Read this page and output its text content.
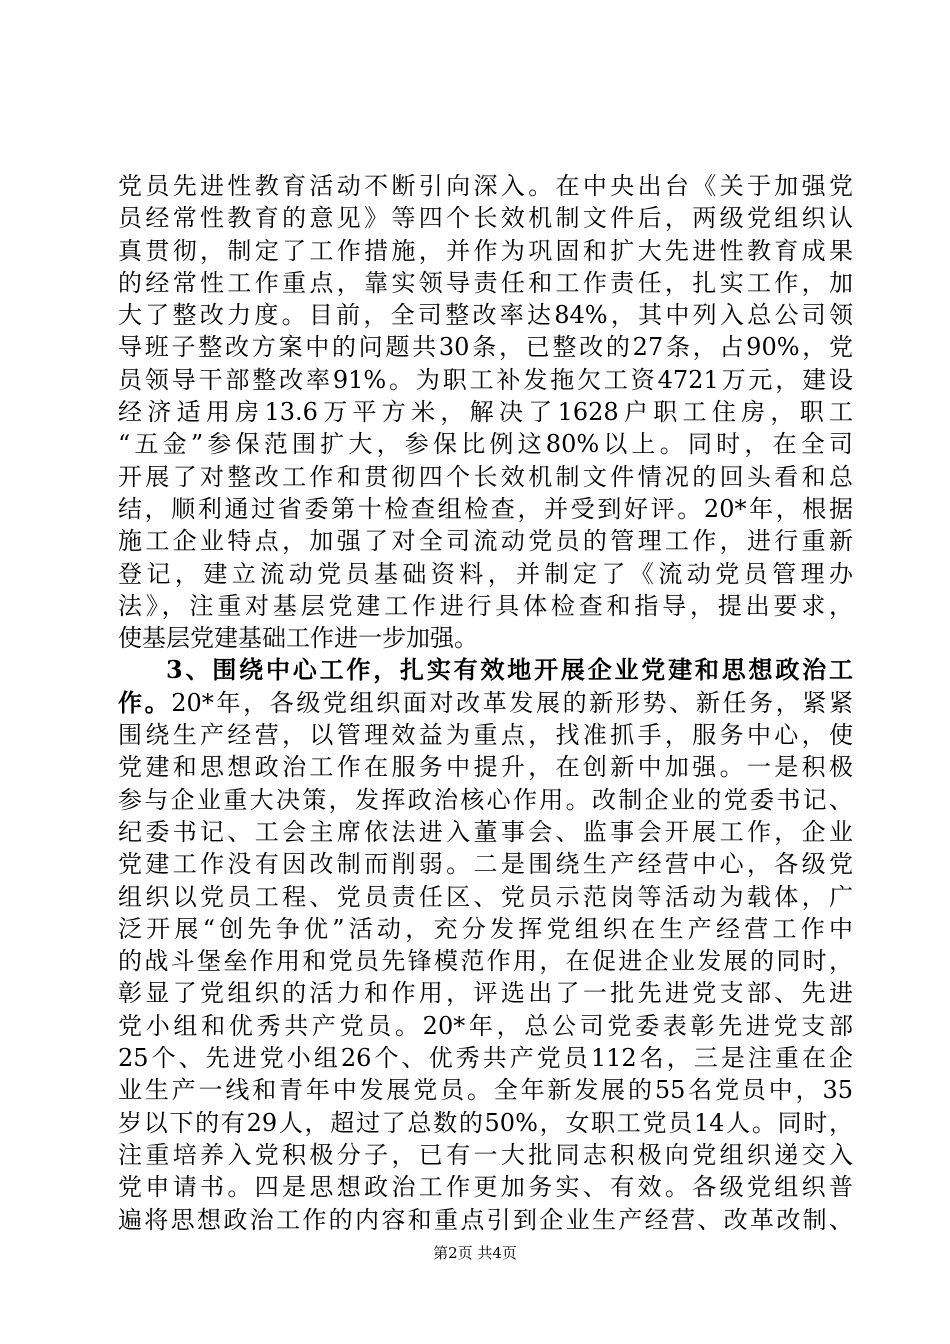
党员先进性教育活动不断引向深入。在中央出台《关于加强党
员经常性教育的意见》等四个长效机制文件后，两级党组织认
真贯彻，制定了工作措施，并作为巩固和扩大先进性教育成果
的经常性工作重点，靠实领导责任和工作责任，扎实工作，加
大了整改力度。目前，全司整改率达84%，其中列入总公司领
导班子整改方案中的问题共30条，已整改的27条，占90%，党
员领导干部整改率91%。为职工补发拖欠工资4721万元，建设
经济适用房13.6万平方米，解决了1628户职工住房，职工
“五金”参保范围扩大，参保比例这80%以上。同时，在全司
开展了对整改工作和贯彻四个长效机制文件情况的回头看和总
结，顺利通过省委第十检查组检查，并受到好评。20*年，根据
施工企业特点，加强了对全司流动党员的管理工作，进行重新
登记，建立流动党员基础资料，并制定了《流动党员管理办
法》，注重对基层党建工作进行具体检查和指导，提出要求，
使基层党建基础工作进一步加强。
3、围绕中心工作，扎实有效地开展企业党建和思想政治工
作。20*年，各级党组织面对改革发展的新形势、新任务，紧紧
围绕生产经营，以管理效益为重点，找准抓手，服务中心，使
党建和思想政治工作在服务中提升，在创新中加强。一是积极
参与企业重大决策，发挥政治核心作用。改制企业的党委书记、
纪委书记、工会主席依法进入董事会、监事会开展工作，企业
党建工作没有因改制而削弱。二是围绕生产经营中心，各级党
组织以党员工程、党员责任区、党员示范岗等活动为载体，广
泛开展“创先争优”活动，充分发挥党组织在生产经营工作中
的战斗堡垒作用和党员先锋模范作用，在促进企业发展的同时，
彰显了党组织的活力和作用，评选出了一批先进党支部、先进
党小组和优秀共产党员。20*年，总公司党委表彰先进党支部
25个、先进党小组26个、优秀共产党员112名，三是注重在企
业生产一线和青年中发展党员。全年新发展的55名党员中，35
岁以下的有29人，超过了总数的50%，女职工党员14人。同时，
注重培养入党积极分子，已有一大批同志积极向党组织递交入
党申请书。四是思想政治工作更加务实、有效。各级党组织普
遍将思想政治工作的内容和重点引到企业生产经营、改革改制、
第2页 共4页
